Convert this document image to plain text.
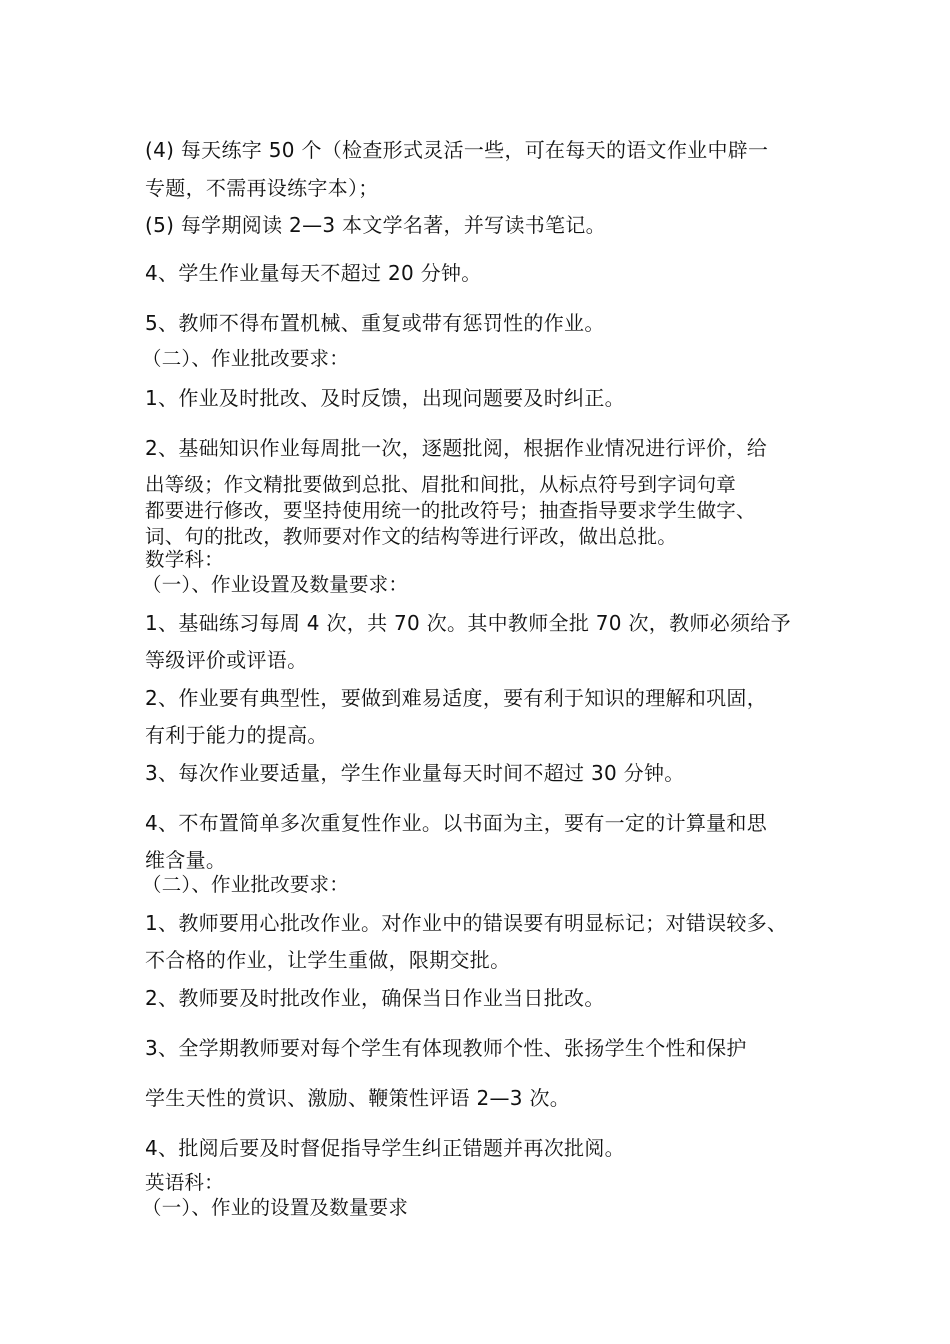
(4) 每天练字 50 个（检查形式灵活一些，可在每天的语文作业中辟一
专题，不需再设练字本）；
(5) 每学期阅读 2—3 本文学名著，并写读书笔记。
4、学生作业量每天不超过 20 分钟。
5、教师不得布置机械、重复或带有惩罚性的作业。
（二）、作业批改要求：
1、作业及时批改、及时反馈，出现问题要及时纠正。
2、基础知识作业每周批一次，逐题批阅，根据作业情况进行评价，给
出等级；作文精批要做到总批、眉批和间批，从标点符号到字词句章
都要进行修改，要坚持使用统一的批改符号；抽查指导要求学生做字、
词、句的批改，教师要对作文的结构等进行评改，做出总批。
数学科：
（一）、作业设置及数量要求：
1、基础练习每周 4 次，共 70 次。其中教师全批 70 次，教师必须给予
等级评价或评语。
2、作业要有典型性，要做到难易适度，要有利于知识的理解和巩固，
有利于能力的提高。
3、每次作业要适量，学生作业量每天时间不超过 30 分钟。
4、不布置简单多次重复性作业。以书面为主，要有一定的计算量和思
维含量。
（二）、作业批改要求：
1、教师要用心批改作业。对作业中的错误要有明显标记；对错误较多、
不合格的作业，让学生重做，限期交批。
2、教师要及时批改作业，确保当日作业当日批改。
3、全学期教师要对每个学生有体现教师个性、张扬学生个性和保护
学生天性的赏识、激励、鞭策性评语 2—3 次。
4、批阅后要及时督促指导学生纠正错题并再次批阅。
英语科：
（一）、作业的设置及数量要求
